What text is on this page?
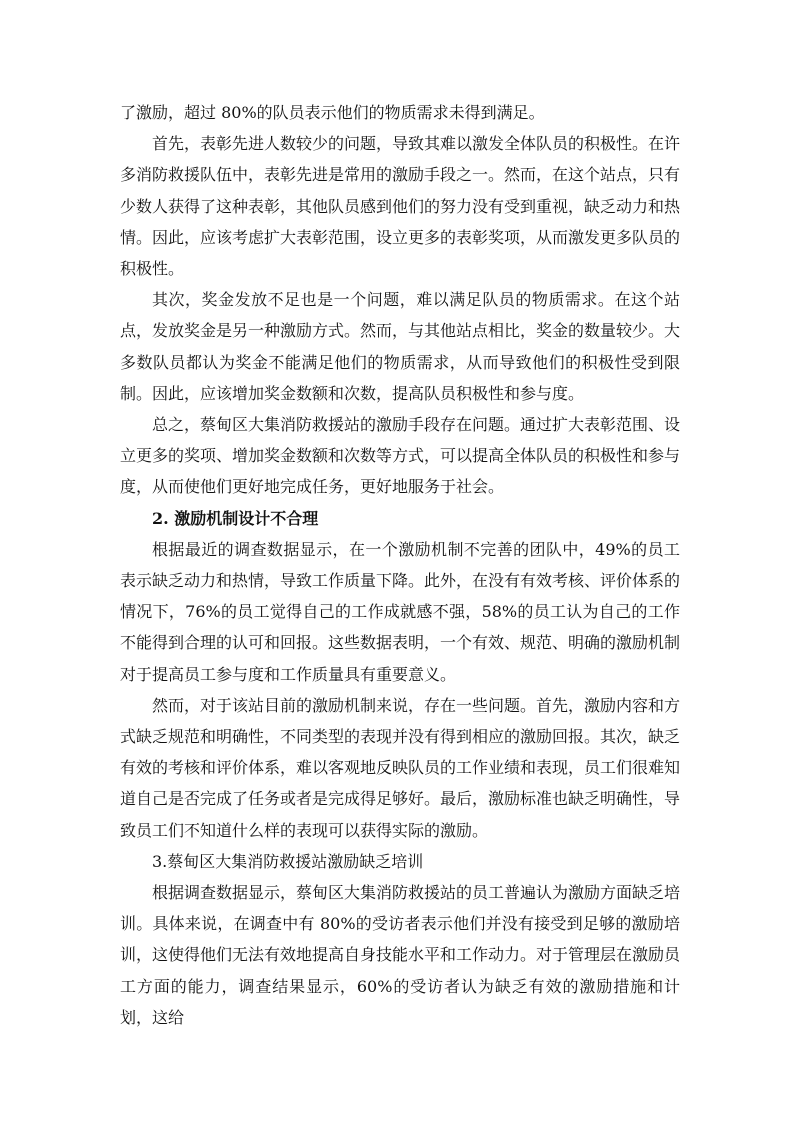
了激励，超过 80%的队员表示他们的物质需求未得到满足。

首先，表彰先进人数较少的问题，导致其难以激发全体队员的积极性。在许多消防救援队伍中，表彰先进是常用的激励手段之一。然而，在这个站点，只有少数人获得了这种表彰，其他队员感到他们的努力没有受到重视，缺乏动力和热情。因此，应该考虑扩大表彰范围，设立更多的表彰奖项，从而激发更多队员的积极性。

其次，奖金发放不足也是一个问题，难以满足队员的物质需求。在这个站点，发放奖金是另一种激励方式。然而，与其他站点相比，奖金的数量较少。大多数队员都认为奖金不能满足他们的物质需求，从而导致他们的积极性受到限制。因此，应该增加奖金数额和次数，提高队员积极性和参与度。

总之，蔡甸区大集消防救援站的激励手段存在问题。通过扩大表彰范围、设立更多的奖项、增加奖金数额和次数等方式，可以提高全体队员的积极性和参与度，从而使他们更好地完成任务，更好地服务于社会。

2. 激励机制设计不合理

根据最近的调查数据显示，在一个激励机制不完善的团队中，49%的员工表示缺乏动力和热情，导致工作质量下降。此外，在没有有效考核、评价体系的情况下，76%的员工觉得自己的工作成就感不强，58%的员工认为自己的工作不能得到合理的认可和回报。这些数据表明，一个有效、规范、明确的激励机制对于提高员工参与度和工作质量具有重要意义。

然而，对于该站目前的激励机制来说，存在一些问题。首先，激励内容和方式缺乏规范和明确性，不同类型的表现并没有得到相应的激励回报。其次，缺乏有效的考核和评价体系，难以客观地反映队员的工作业绩和表现，员工们很难知道自己是否完成了任务或者是完成得足够好。最后，激励标准也缺乏明确性，导致员工们不知道什么样的表现可以获得实际的激励。

3.蔡甸区大集消防救援站激励缺乏培训

根据调查数据显示，蔡甸区大集消防救援站的员工普遍认为激励方面缺乏培训。具体来说，在调查中有 80%的受访者表示他们并没有接受到足够的激励培训，这使得他们无法有效地提高自身技能水平和工作动力。对于管理层在激励员工方面的能力，调查结果显示，60%的受访者认为缺乏有效的激励措施和计划，这给
